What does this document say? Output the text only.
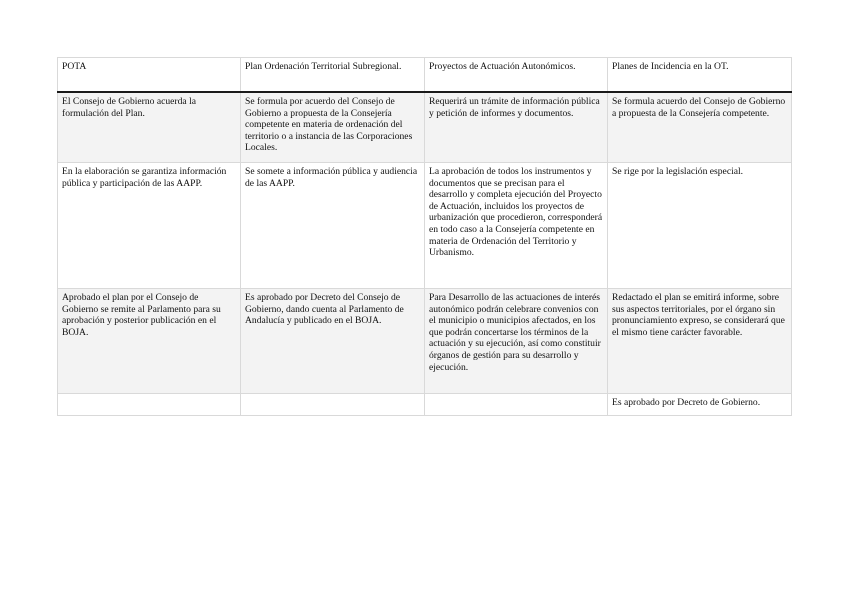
POTA	Plan Ordenación Territorial Subregional.	Proyectos de Actuación Autonómicos.	Planes de Incidencia en la OT.
El Consejo de Gobierno acuerda la formulación del Plan.	Se formula por acuerdo del Consejo de Gobierno a propuesta de la Consejería competente en materia de ordenación del territorio o a instancia de las Corporaciones Locales.	Requerirá un trámite de información pública y petición de informes y documentos.	Se formula acuerdo del Consejo de Gobierno a propuesta de la Consejería competente.
En la elaboración se garantiza información pública y participación de las AAPP.	Se somete a información pública y audiencia de las AAPP.	La aprobación de todos los instrumentos y documentos que se precisan para el desarrollo y completa ejecución del Proyecto de Actuación, incluidos los proyectos de urbanización que procedieron, corresponderá en todo caso a la Consejería competente en materia de Ordenación del Territorio y Urbanismo.	Se rige por la legislación especial.
Aprobado el plan por el Consejo de Gobierno se remite al Parlamento para su aprobación y posterior publicación en el BOJA.	Es aprobado por Decreto del Consejo de Gobierno, dando cuenta al Parlamento de Andalucía y publicado en el BOJA.	Para Desarrollo de las actuaciones de interés autonómico podrán celebrare convenios con el municipio o municipios afectados, en los que podrán concertarse los términos de la actuación y su ejecución, así como constituir órganos de gestión para su desarrollo y ejecución.	Redactado el plan se emitirá informe, sobre sus aspectos territoriales, por el órgano sin pronunciamiento expreso, se considerará que el mismo tiene carácter favorable.
			Es aprobado por Decreto de Gobierno.
